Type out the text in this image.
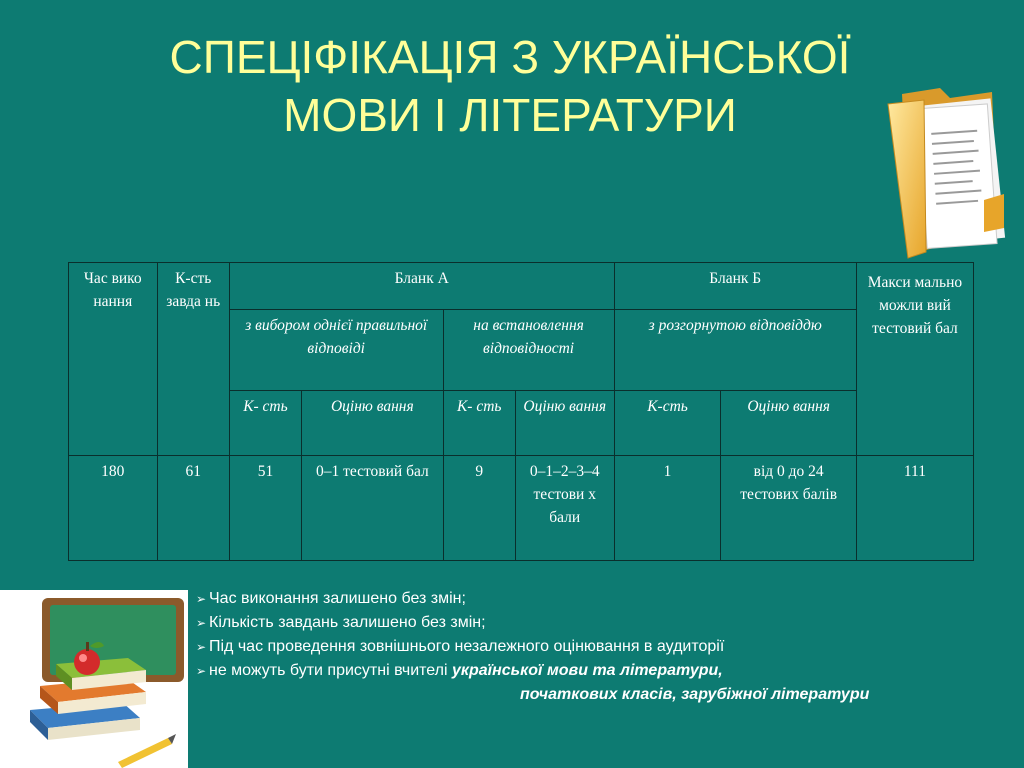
СПЕЦІФІКАЦІЯ З УКРАЇНСЬКОЇ
МОВИ І ЛІТЕРАТУРИ
Час вико нання	К-сть завда нь	Бланк А				Бланк Б		Макси мально можли вий тестовий бал
		з вибором однієї правильної відповіді		на встановлення відповідності		з розгорнутою відповіддю		
		К- сть	Оціню вання	К- сть	Оціню вання	К-сть	Оціню вання	
180	61	51	0–1 тестовий бал	9	0–1–2–3–4 тестови х бали	1	від 0 до 24 тестових балів	111
➢ Час виконання залишено без змін;
➢ Кількість завдань залишено без змін;
➢ Під час проведення зовнішнього незалежного оцінювання в аудиторії
➢ не можуть бути присутні вчителі української мови та літератури,
початкових класів, зарубіжної літератури
